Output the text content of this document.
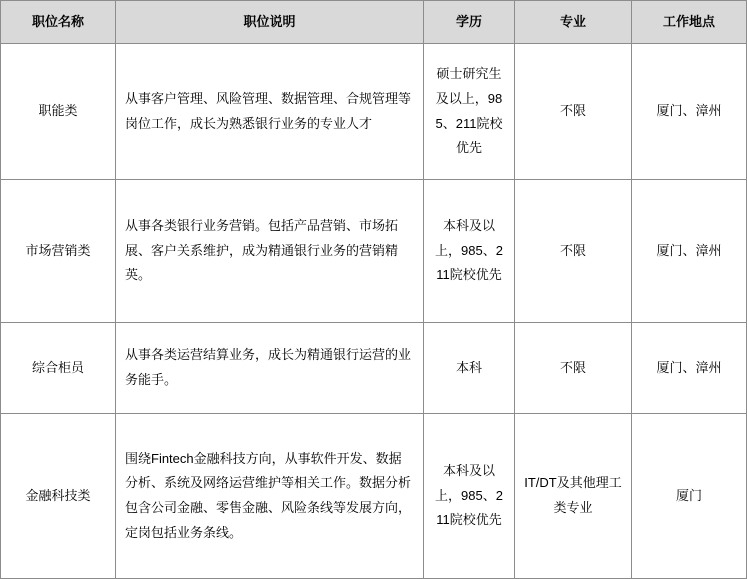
职位名称	职位说明	学历	专业	工作地点
职能类	从事客户管理、风险管理、数据管理、合规管理等岗位工作，成长为熟悉银行业务的专业人才	硕士研究生及以上，985、211院校优先	不限	厦门、漳州
市场营销类	从事各类银行业务营销。包括产品营销、市场拓展、客户关系维护，成为精通银行业务的营销精英。	本科及以上，985、211院校优先	不限	厦门、漳州
综合柜员	从事各类运营结算业务，成长为精通银行运营的业务能手。	本科	不限	厦门、漳州
金融科技类	围绕Fintech金融科技方向，从事软件开发、数据分析、系统及网络运营维护等相关工作。数据分析包含公司金融、零售金融、风险条线等发展方向，定岗包括业务条线。	本科及以上，985、211院校优先	IT/DT及其他理工类专业	厦门
